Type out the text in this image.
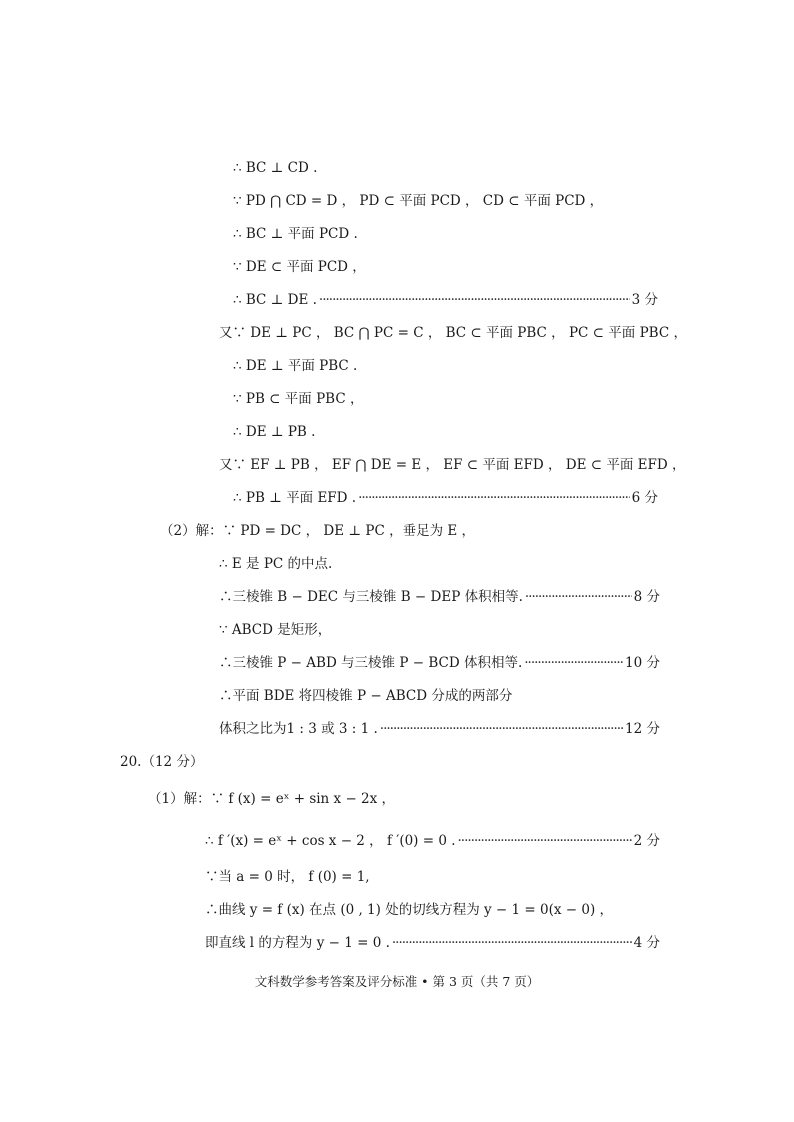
∴ BC ⊥ CD .
∵ PD ⋂ CD = D ， PD ⊂ 平面 PCD ， CD ⊂ 平面 PCD ，
∴ BC ⊥ 平面 PCD .
∵ DE ⊂ 平面 PCD ，
∴ BC ⊥ DE . ·····	3 分
又∵ DE ⊥ PC ， BC ⋂ PC = C ， BC ⊂ 平面 PBC ， PC ⊂ 平面 PBC ，
∴ DE ⊥ 平面 PBC .
∵ PB ⊂ 平面 PBC ，
∴ DE ⊥ PB .
又∵ EF ⊥ PB ， EF ⋂ DE = E ， EF ⊂ 平面 EFD ， DE ⊂ 平面 EFD ，
∴ PB ⊥ 平面 EFD . ·····	6 分
（2）解：∵ PD = DC ， DE ⊥ PC ，垂足为 E ，
∴ E 是 PC 的中点.
∴三棱锥 B − DEC 与三棱锥 B − DEP 体积相等. ·····	8 分
∵ ABCD 是矩形，
∴三棱锥 P − ABD 与三棱锥 P − BCD 体积相等. ·····	10 分
∴平面 BDE 将四棱锥 P − ABCD 分成的两部分
体积之比为1 : 3 或 3 : 1 . ·····	12 分
20.（12 分）
（1）解：∵ f (x) = eˣ + sin x − 2x ，
∴ f ′(x) = eˣ + cos x − 2 ， f ′(0) = 0 . ·····	2 分
∵当 a = 0 时， f (0) = 1,
∴曲线 y = f (x) 在点 (0 , 1) 处的切线方程为 y − 1 = 0(x − 0) ，
即直线 l 的方程为 y − 1 = 0 . ·····	4 分
文科数学参考答案及评分标准 • 第 3 页（共 7 页）
